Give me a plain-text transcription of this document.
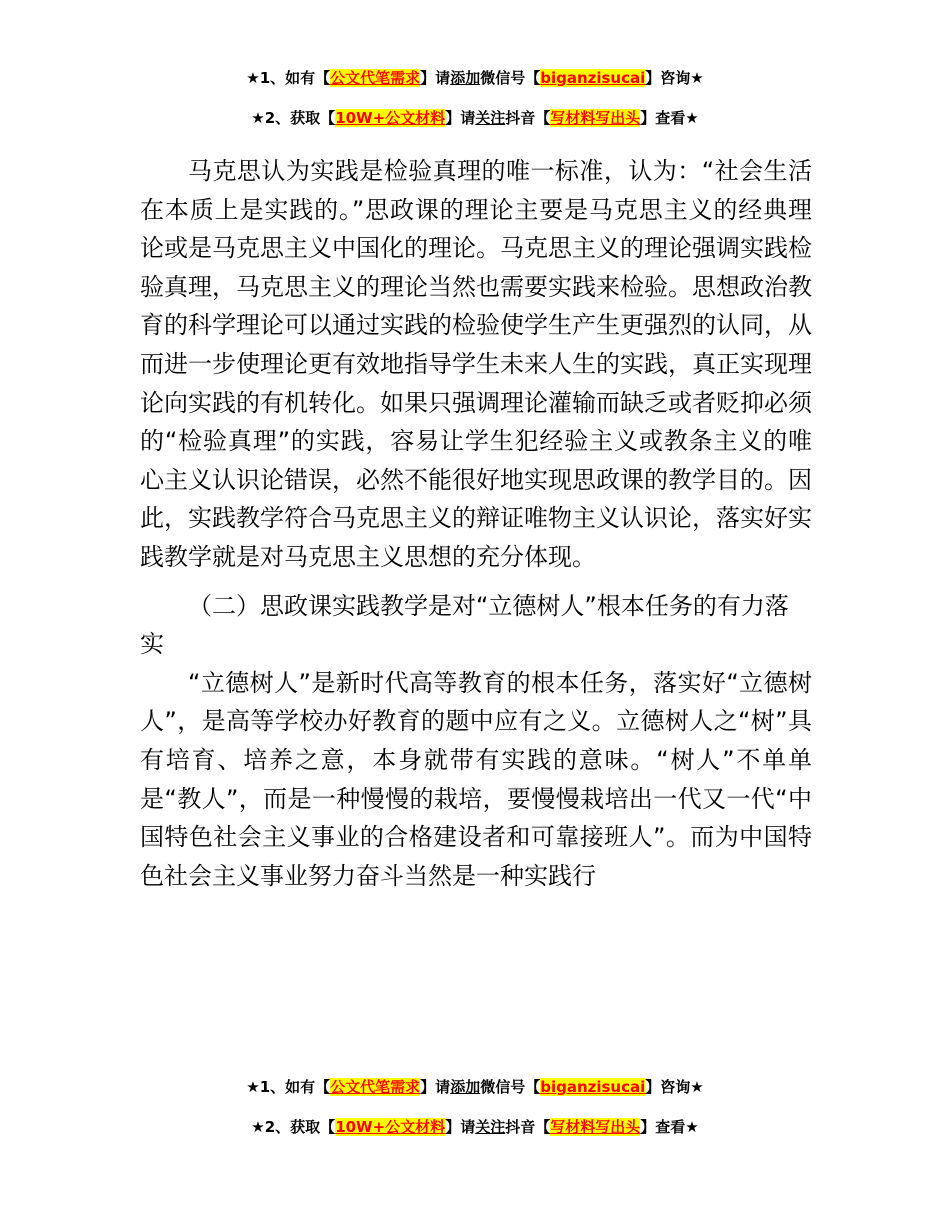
★1、如有【公文代笔需求】请添加微信号【biganzisucai】咨询★
★2、获取【10W+公文材料】请关注抖音【写材料写出头】查看★

马克思认为实践是检验真理的唯一标准，认为：“社会生活在本质上是实践的。”思政课的理论主要是马克思主义的经典理论或是马克思主义中国化的理论。马克思主义的理论强调实践检验真理，马克思主义的理论当然也需要实践来检验。思想政治教育的科学理论可以通过实践的检验使学生产生更强烈的认同，从而进一步使理论更有效地指导学生未来人生的实践，真正实现理论向实践的有机转化。如果只强调理论灌输而缺乏或者贬抑必须的“检验真理”的实践，容易让学生犯经验主义或教条主义的唯心主义认识论错误，必然不能很好地实现思政课的教学目的。因此，实践教学符合马克思主义的辩证唯物主义认识论，落实好实践教学就是对马克思主义思想的充分体现。

（二）思政课实践教学是对“立德树人”根本任务的有力落实

“立德树人”是新时代高等教育的根本任务，落实好“立德树人”，是高等学校办好教育的题中应有之义。立德树人之“树”具有培育、培养之意，本身就带有实践的意味。“树人”不单单是“教人”，而是一种慢慢的栽培，要慢慢栽培出一代又一代“中国特色社会主义事业的合格建设者和可靠接班人”。而为中国特色社会主义事业努力奋斗当然是一种实践行

★1、如有【公文代笔需求】请添加微信号【biganzisucai】咨询★
★2、获取【10W+公文材料】请关注抖音【写材料写出头】查看★
